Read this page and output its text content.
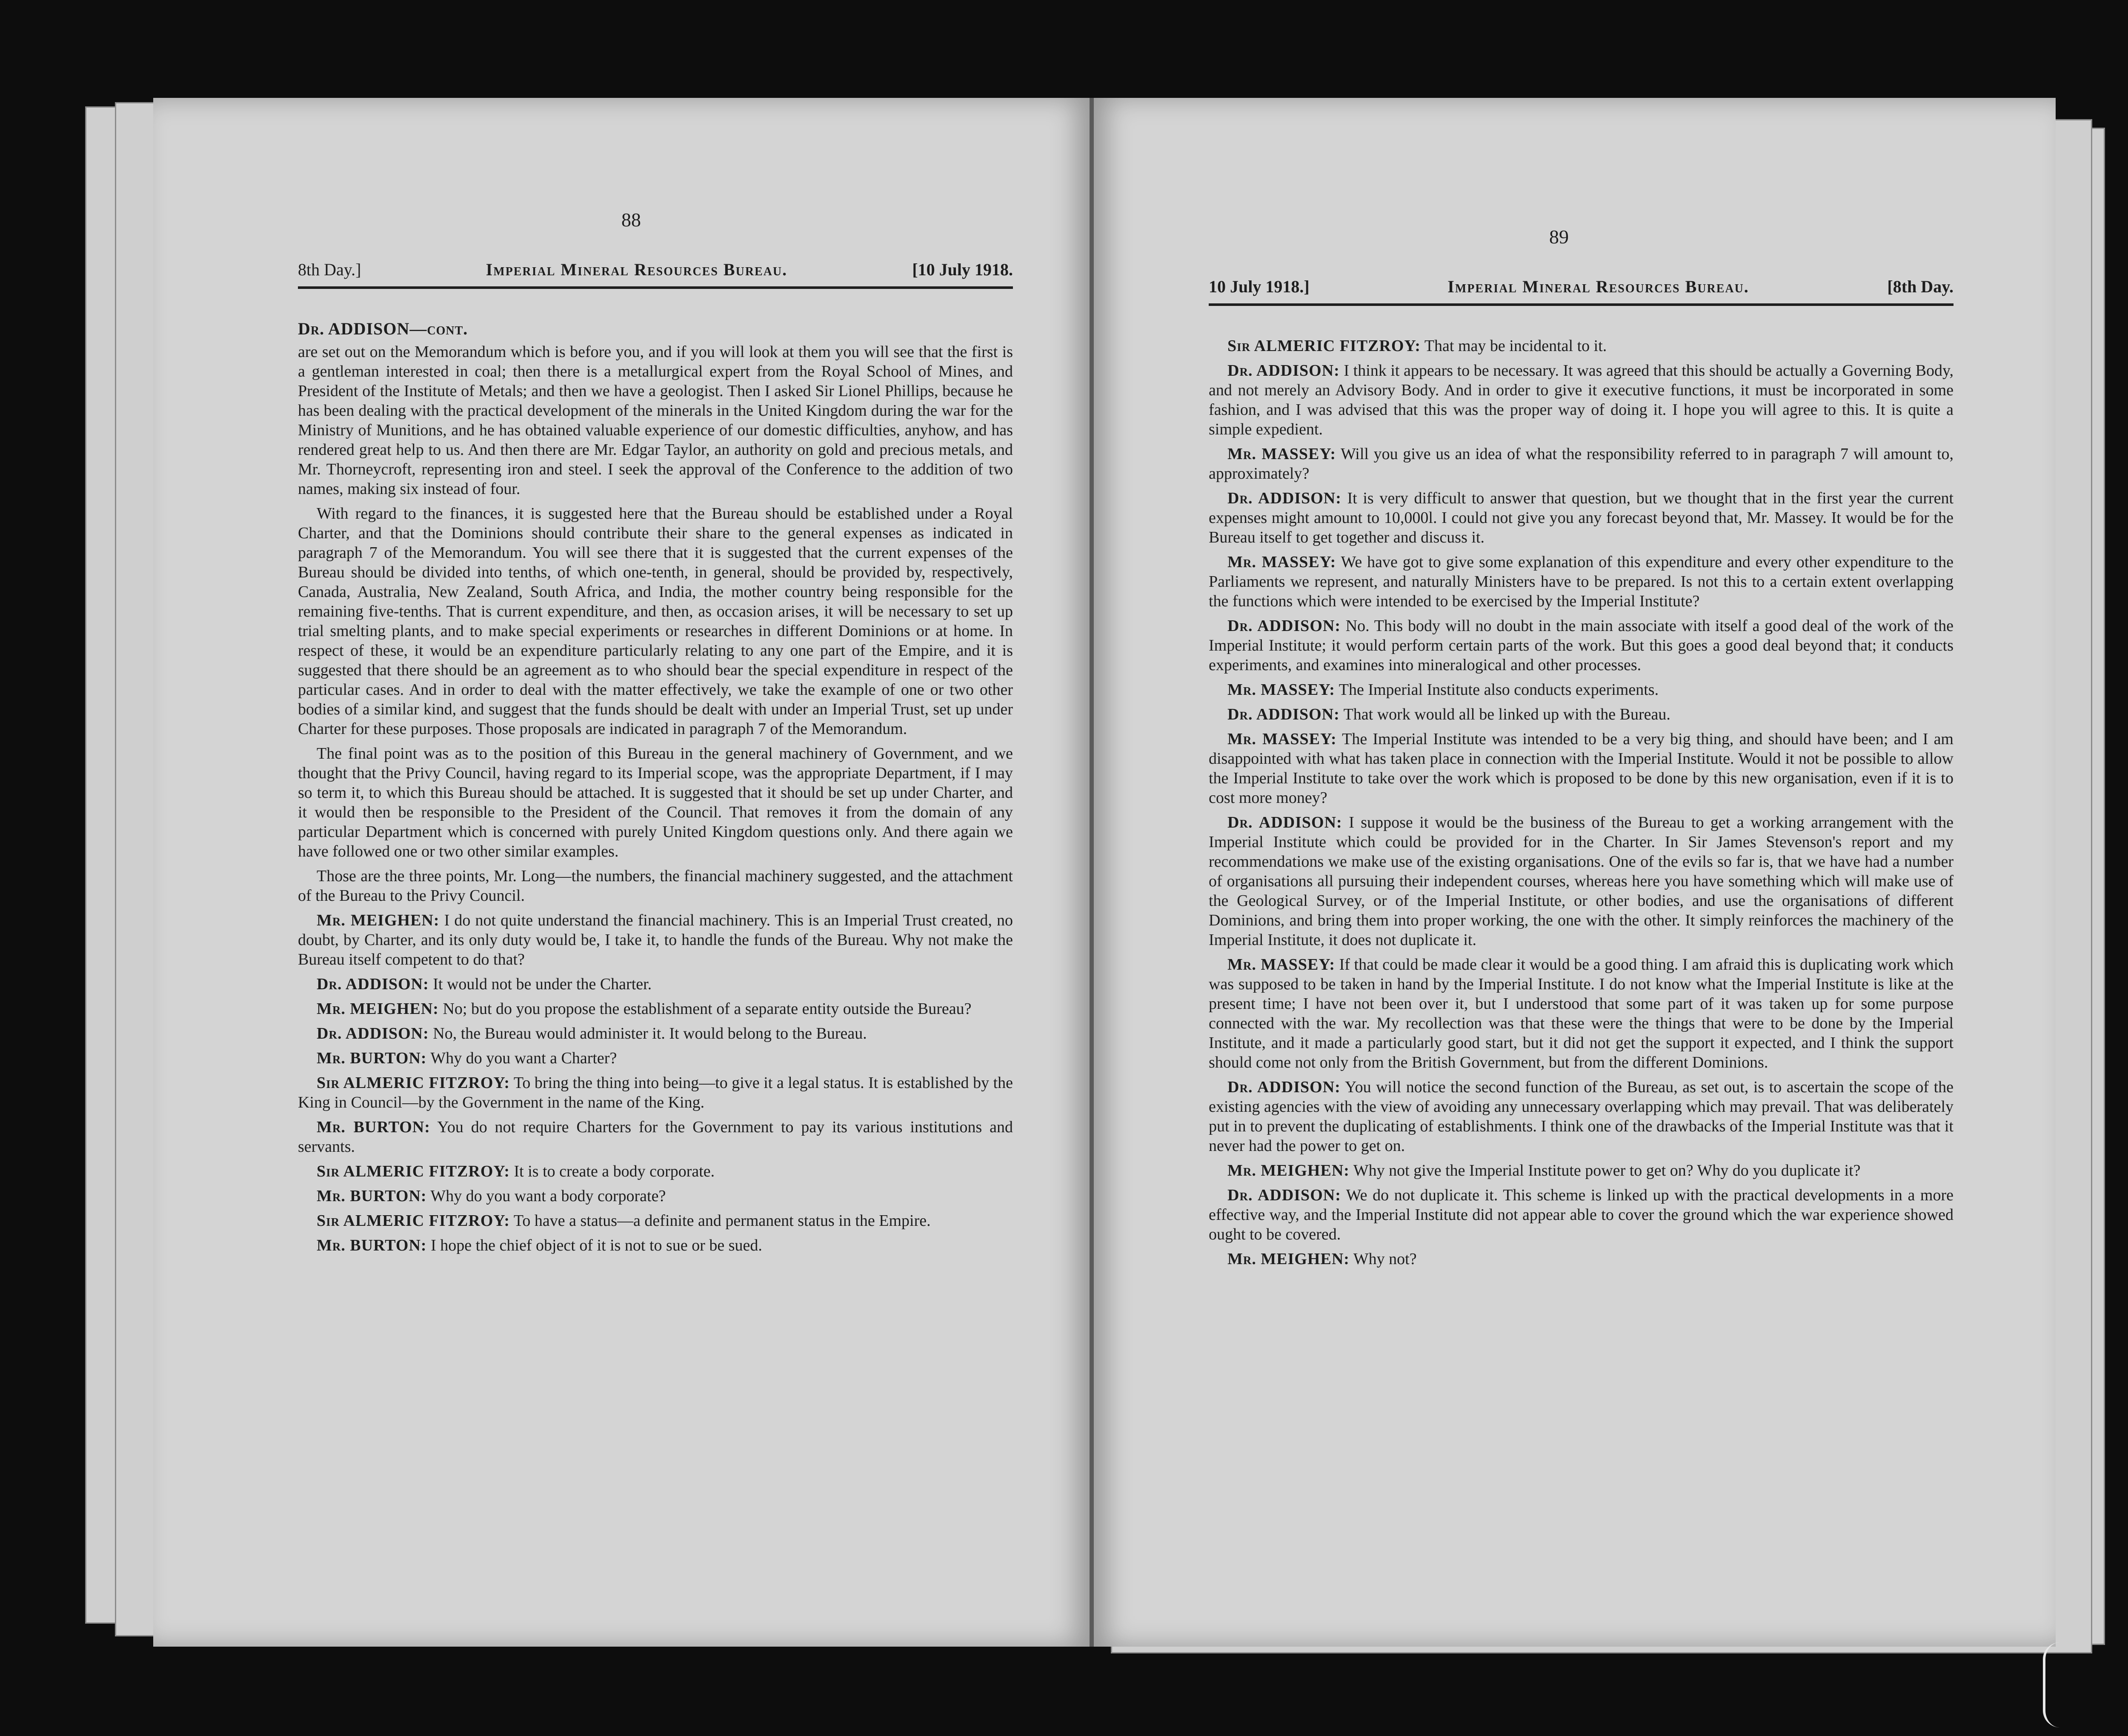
88
8th Day.]	Imperial Mineral Resources Bureau.	[10 July 1918.
Dr. ADDISON—cont.

are set out on the Memorandum which is before you, and if you will look at them you will see that the first is a gentleman interested in coal; then there is a metallurgical expert from the Royal School of Mines, and President of the Institute of Metals; and then we have a geologist. Then I asked Sir Lionel Phillips, because he has been dealing with the practical development of the minerals in the United Kingdom during the war for the Ministry of Munitions, and he has obtained valuable experience of our domestic difficulties, anyhow, and has rendered great help to us. And then there are Mr. Edgar Taylor, an authority on gold and precious metals, and Mr. Thorneycroft, representing iron and steel. I seek the approval of the Conference to the addition of two names, making six instead of four.

With regard to the finances, it is suggested here that the Bureau should be established under a Royal Charter, and that the Dominions should contribute their share to the general expenses as indicated in paragraph 7 of the Memorandum. You will see there that it is suggested that the current expenses of the Bureau should be divided into tenths, of which one-tenth, in general, should be provided by, respectively, Canada, Australia, New Zealand, South Africa, and India, the mother country being responsible for the remaining five-tenths. That is current expenditure, and then, as occasion arises, it will be necessary to set up trial smelting plants, and to make special experiments or researches in different Dominions or at home. In respect of these, it would be an expenditure particularly relating to any one part of the Empire, and it is suggested that there should be an agreement as to who should bear the special expenditure in respect of the particular cases. And in order to deal with the matter effectively, we take the example of one or two other bodies of a similar kind, and suggest that the funds should be dealt with under an Imperial Trust, set up under Charter for these purposes. Those proposals are indicated in paragraph 7 of the Memorandum.

The final point was as to the position of this Bureau in the general machinery of Government, and we thought that the Privy Council, having regard to its Imperial scope, was the appropriate Department, if I may so term it, to which this Bureau should be attached. It is suggested that it should be set up under Charter, and it would then be responsible to the President of the Council. That removes it from the domain of any particular Department which is concerned with purely United Kingdom questions only. And there again we have followed one or two other similar examples.

Those are the three points, Mr. Long—the numbers, the financial machinery suggested, and the attachment of the Bureau to the Privy Council.

Mr. MEIGHEN: I do not quite understand the financial machinery. This is an Imperial Trust created, no doubt, by Charter, and its only duty would be, I take it, to handle the funds of the Bureau. Why not make the Bureau itself competent to do that?

Dr. ADDISON: It would not be under the Charter.

Mr. MEIGHEN: No; but do you propose the establishment of a separate entity outside the Bureau?

Dr. ADDISON: No, the Bureau would administer it. It would belong to the Bureau.

Mr. BURTON: Why do you want a Charter?

Sir ALMERIC FITZROY: To bring the thing into being—to give it a legal status. It is established by the King in Council—by the Government in the name of the King.

Mr. BURTON: You do not require Charters for the Government to pay its various institutions and servants.

Sir ALMERIC FITZROY: It is to create a body corporate.

Mr. BURTON: Why do you want a body corporate?

Sir ALMERIC FITZROY: To have a status—a definite and permanent status in the Empire.

Mr. BURTON: I hope the chief object of it is not to sue or be sued.

89
10 July 1918.]	Imperial Mineral Resources Bureau.	[8th Day.

Sir ALMERIC FITZROY: That may be incidental to it.

Dr. ADDISON: I think it appears to be necessary. It was agreed that this should be actually a Governing Body, and not merely an Advisory Body. And in order to give it executive functions, it must be incorporated in some fashion, and I was advised that this was the proper way of doing it. I hope you will agree to this. It is quite a simple expedient.

Mr. MASSEY: Will you give us an idea of what the responsibility referred to in paragraph 7 will amount to, approximately?

Dr. ADDISON: It is very difficult to answer that question, but we thought that in the first year the current expenses might amount to 10,000l. I could not give you any forecast beyond that, Mr. Massey. It would be for the Bureau itself to get together and discuss it.

Mr. MASSEY: We have got to give some explanation of this expenditure and every other expenditure to the Parliaments we represent, and naturally Ministers have to be prepared. Is not this to a certain extent overlapping the functions which were intended to be exercised by the Imperial Institute?

Dr. ADDISON: No. This body will no doubt in the main associate with itself a good deal of the work of the Imperial Institute; it would perform certain parts of the work. But this goes a good deal beyond that; it conducts experiments, and examines into mineralogical and other processes.

Mr. MASSEY: The Imperial Institute also conducts experiments.

Dr. ADDISON: That work would all be linked up with the Bureau.

Mr. MASSEY: The Imperial Institute was intended to be a very big thing, and should have been; and I am disappointed with what has taken place in connection with the Imperial Institute. Would it not be possible to allow the Imperial Institute to take over the work which is proposed to be done by this new organisation, even if it is to cost more money?

Dr. ADDISON: I suppose it would be the business of the Bureau to get a working arrangement with the Imperial Institute which could be provided for in the Charter. In Sir James Stevenson's report and my recommendations we make use of the existing organisations. One of the evils so far is, that we have had a number of organisations all pursuing their independent courses, whereas here you have something which will make use of the Geological Survey, or of the Imperial Institute, or other bodies, and use the organisations of different Dominions, and bring them into proper working, the one with the other. It simply reinforces the machinery of the Imperial Institute, it does not duplicate it.

Mr. MASSEY: If that could be made clear it would be a good thing. I am afraid this is duplicating work which was supposed to be taken in hand by the Imperial Institute. I do not know what the Imperial Institute is like at the present time; I have not been over it, but I understood that some part of it was taken up for some purpose connected with the war. My recollection was that these were the things that were to be done by the Imperial Institute, and it made a particularly good start, but it did not get the support it expected, and I think the support should come not only from the British Government, but from the different Dominions.

Dr. ADDISON: You will notice the second function of the Bureau, as set out, is to ascertain the scope of the existing agencies with the view of avoiding any unnecessary overlapping which may prevail. That was deliberately put in to prevent the duplicating of establishments. I think one of the drawbacks of the Imperial Institute was that it never had the power to get on.

Mr. MEIGHEN: Why not give the Imperial Institute power to get on? Why do you duplicate it?

Dr. ADDISON: We do not duplicate it. This scheme is linked up with the practical developments in a more effective way, and the Imperial Institute did not appear able to cover the ground which the war experience showed ought to be covered.

Mr. MEIGHEN: Why not?
